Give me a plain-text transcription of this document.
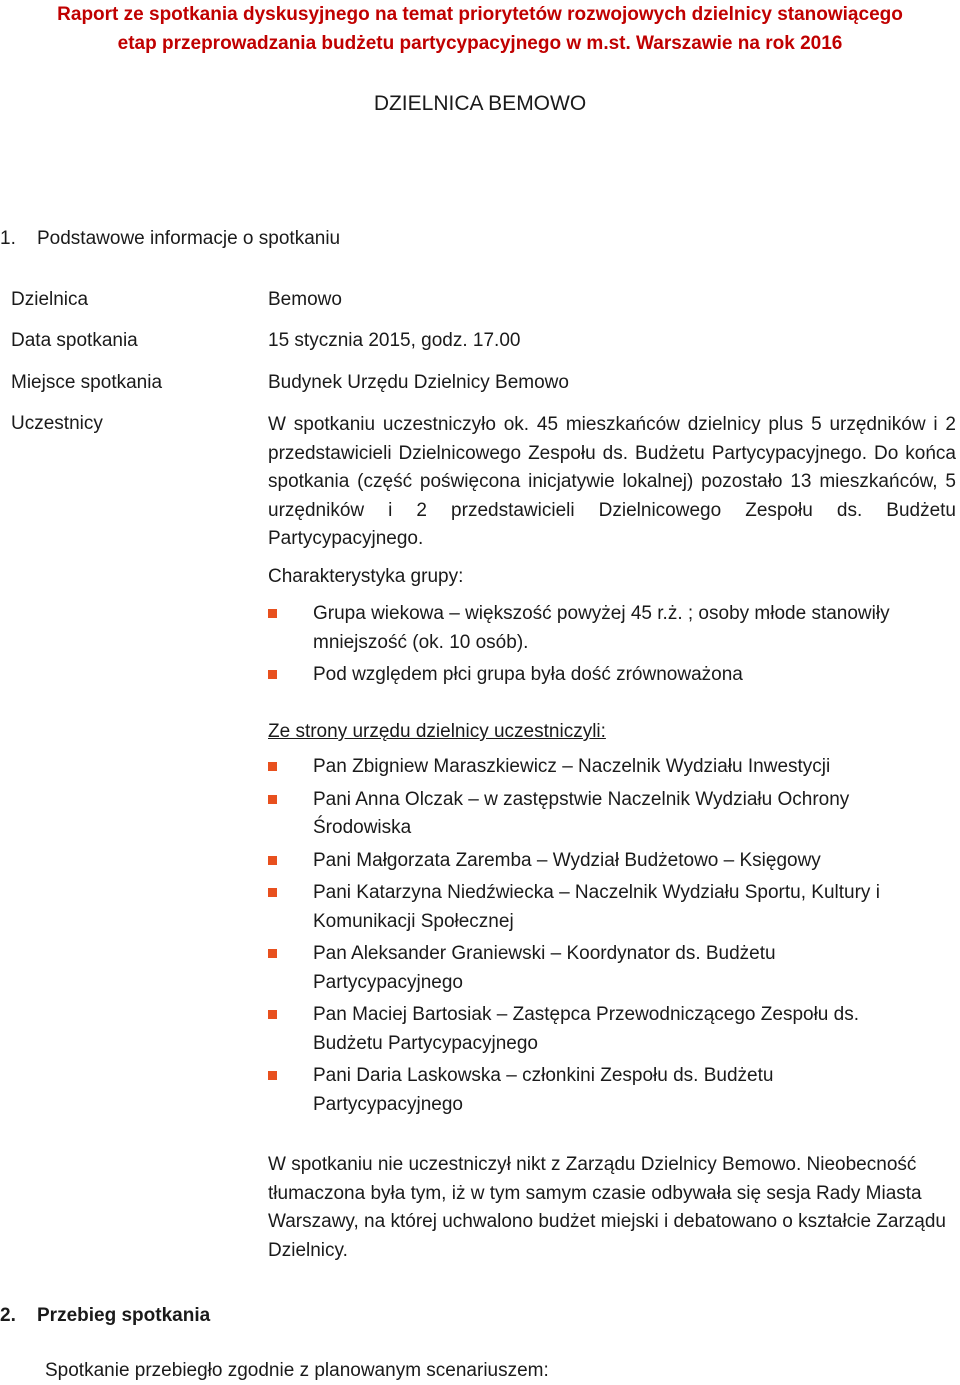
Raport ze spotkania dyskusyjnego na temat priorytetów rozwojowych dzielnicy stanowiącego
etap przeprowadzania budżetu partycypacyjnego w m.st. Warszawie na rok 2016
DZIELNICA BEMOWO
1. Podstawowe informacje o spotkaniu
Dzielnica	Bemowo
Data spotkania	15 stycznia 2015, godz. 17.00
Miejsce spotkania	Budynek Urzędu Dzielnicy Bemowo
Uczestnicy	W spotkaniu uczestniczyło ok. 45 mieszkańców dzielnicy plus 5 urzędników i 2 przedstawicieli Dzielnicowego Zespołu ds. Budżetu Partycypacyjnego. Do końca spotkania (część poświęcona inicjatywie lokalnej) pozostało 13 mieszkańców, 5 urzędników i 2 przedstawicieli Dzielnicowego Zespołu ds. Budżetu Partycypacyjnego.

Charakterystyka grupy:
Grupa wiekowa – większość powyżej 45 r.ż. ; osoby młode stanowiły mniejszość (ok. 10 osób).
Pod względem płci grupa była dość zrównoważona
Ze strony urzędu dzielnicy uczestniczyli:
Pan Zbigniew Maraszkiewicz – Naczelnik Wydziału Inwestycji
Pani Anna Olczak – w zastępstwie Naczelnik Wydziału Ochrony Środowiska
Pani Małgorzata Zaremba – Wydział Budżetowo – Księgowy
Pani Katarzyna Niedźwiecka – Naczelnik Wydziału Sportu, Kultury i Komunikacji Społecznej
Pan Aleksander Graniewski – Koordynator ds. Budżetu Partycypacyjnego
Pan Maciej Bartosiak – Zastępca Przewodniczącego Zespołu ds. Budżetu Partycypacyjnego
Pani Daria Laskowska – członkini Zespołu ds. Budżetu Partycypacyjnego

W spotkaniu nie uczestniczył nikt z Zarządu Dzielnicy Bemowo. Nieobecność tłumaczona była tym, iż w tym samym czasie odbywała się sesja Rady Miasta Warszawy, na której uchwalono budżet miejski i debatowano o kształcie Zarządu Dzielnicy.

2. Przebieg spotkania
Spotkanie przebiegło zgodnie z planowanym scenariuszem:
